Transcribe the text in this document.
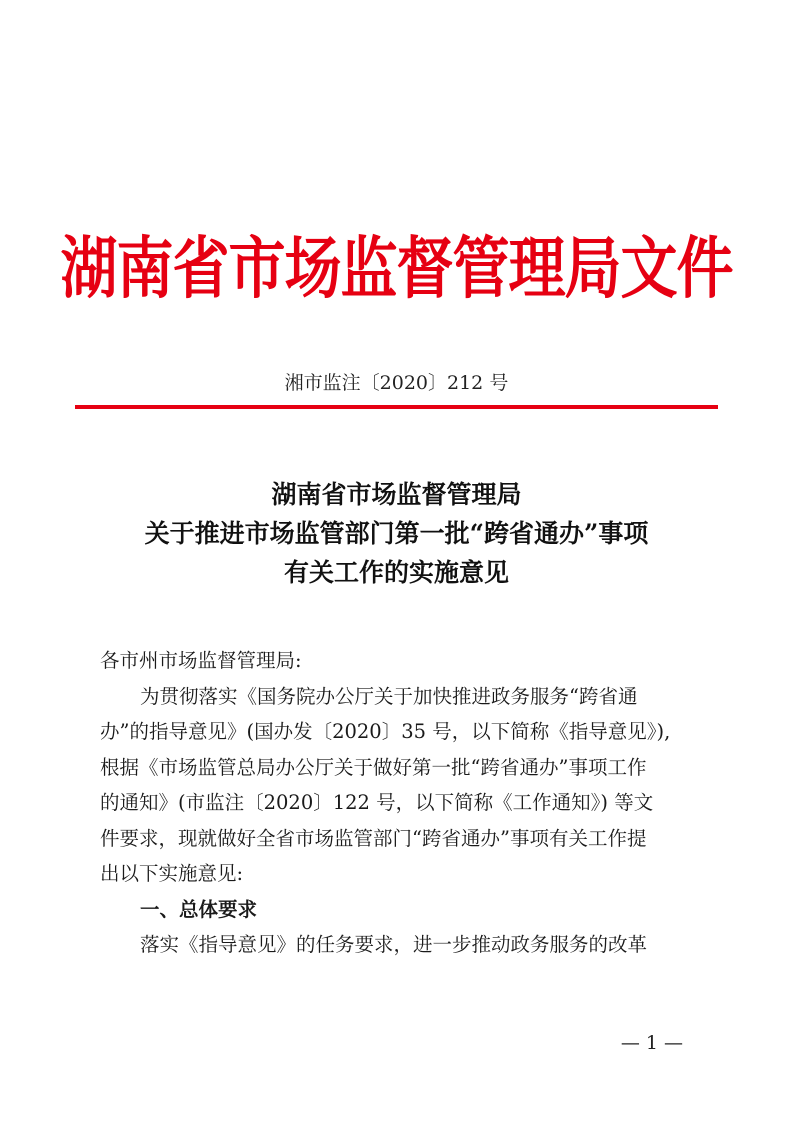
湖南省市场监督管理局文件
湘市监注〔2020〕212 号
湖南省市场监督管理局
关于推进市场监管部门第一批“跨省通办”事项
有关工作的实施意见
各市州市场监督管理局:
为贯彻落实《国务院办公厅关于加快推进政务服务“跨省通
办”的指导意见》(国办发〔2020〕35 号，以下简称《指导意见》),
根据《市场监管总局办公厅关于做好第一批“跨省通办”事项工作
的通知》(市监注〔2020〕122 号，以下简称《工作通知》) 等文
件要求，现就做好全省市场监管部门“跨省通办”事项有关工作提
出以下实施意见:
一、总体要求
落实《指导意见》的任务要求，进一步推动政务服务的改革
— 1 —
